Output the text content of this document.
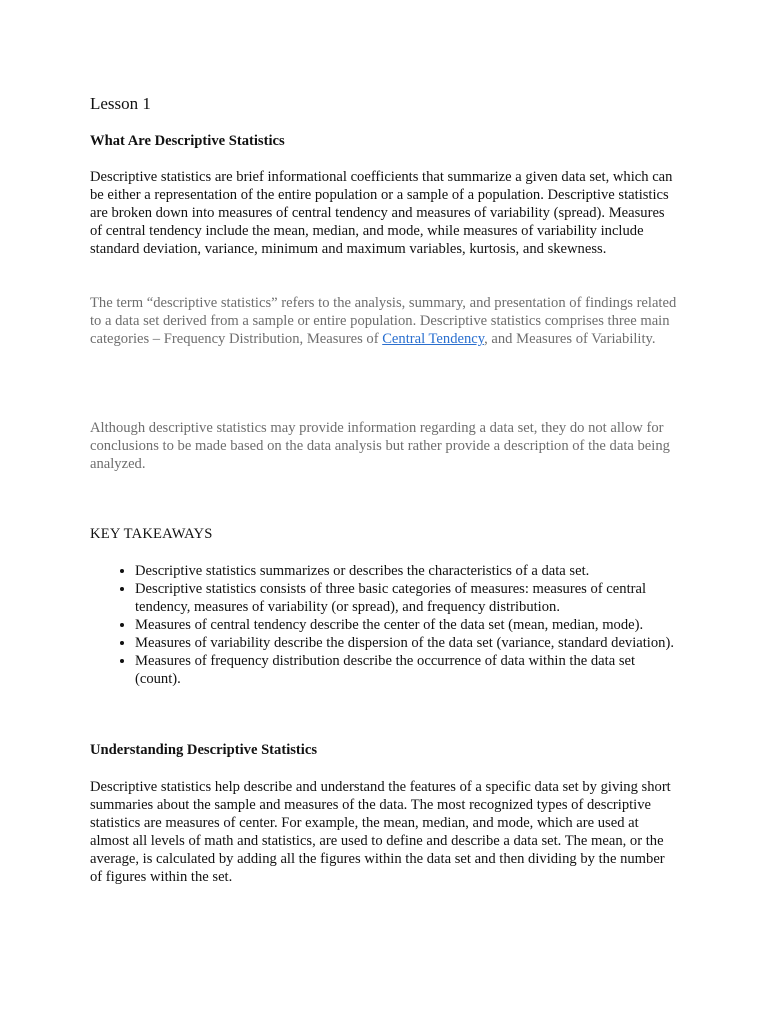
Lesson 1
What Are Descriptive Statistics

Descriptive statistics are brief informational coefficients that summarize a given data set, which can be either a representation of the entire population or a sample of a population. Descriptive statistics are broken down into measures of central tendency and measures of variability (spread). Measures of central tendency include the mean, median, and mode, while measures of variability include standard deviation, variance, minimum and maximum variables, kurtosis, and skewness.

The term “descriptive statistics” refers to the analysis, summary, and presentation of findings related to a data set derived from a sample or entire population. Descriptive statistics comprises three main categories – Frequency Distribution, Measures of Central Tendency, and Measures of Variability.

Although descriptive statistics may provide information regarding a data set, they do not allow for conclusions to be made based on the data analysis but rather provide a description of the data being analyzed.

KEY TAKEAWAYS

• Descriptive statistics summarizes or describes the characteristics of a data set.
• Descriptive statistics consists of three basic categories of measures: measures of central tendency, measures of variability (or spread), and frequency distribution.
• Measures of central tendency describe the center of the data set (mean, median, mode).
• Measures of variability describe the dispersion of the data set (variance, standard deviation).
• Measures of frequency distribution describe the occurrence of data within the data set (count).
Understanding Descriptive Statistics

Descriptive statistics help describe and understand the features of a specific data set by giving short summaries about the sample and measures of the data. The most recognized types of descriptive statistics are measures of center. For example, the mean, median, and mode, which are used at almost all levels of math and statistics, are used to define and describe a data set. The mean, or the average, is calculated by adding all the figures within the data set and then dividing by the number of figures within the set.
